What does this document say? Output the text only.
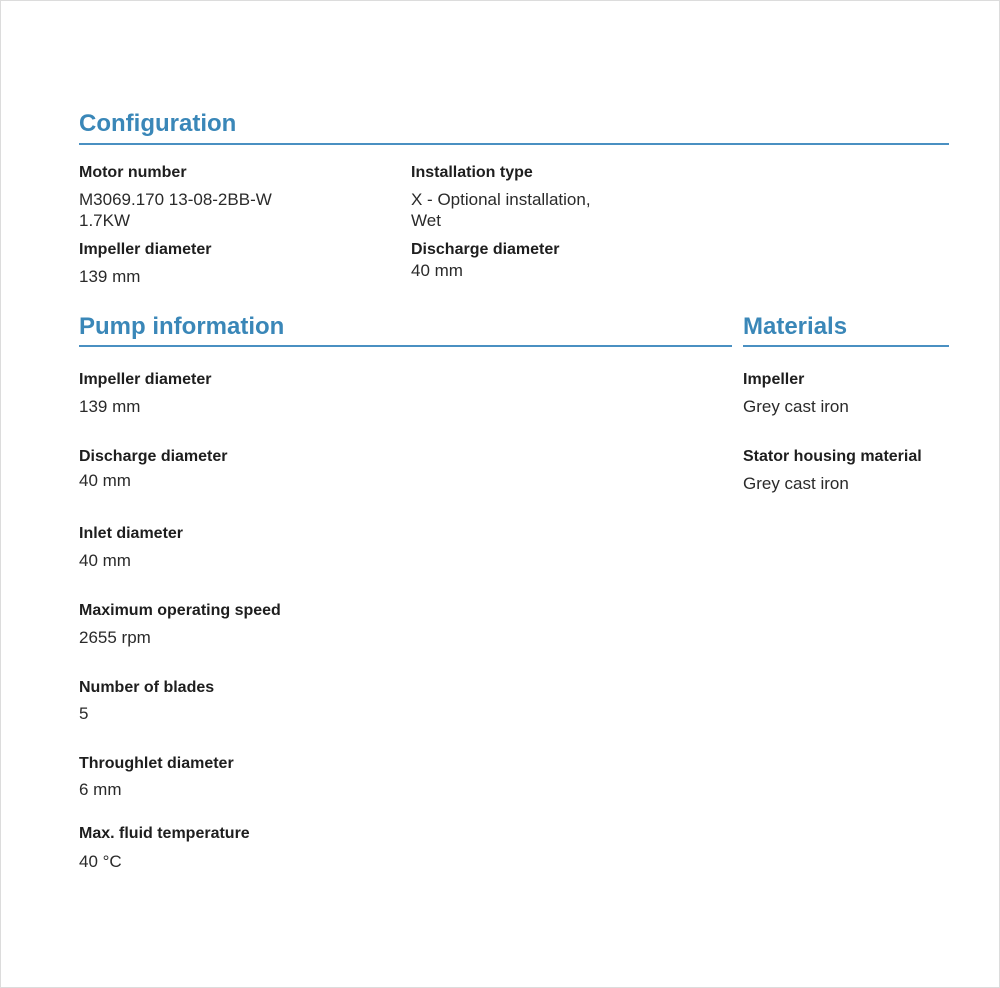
Configuration
Motor number
M3069.170 13-08-2BB-W
1.7KW
Installation type
X - Optional installation,
Wet
Impeller diameter
139 mm
Discharge diameter
40 mm
Pump information
Impeller diameter
139 mm
Discharge diameter
40 mm
Inlet diameter
40 mm
Maximum operating speed
2655 rpm
Number of blades
5
Throughlet diameter
6 mm
Max. fluid temperature
40 °C
Materials
Impeller
Grey cast iron
Stator housing material
Grey cast iron
